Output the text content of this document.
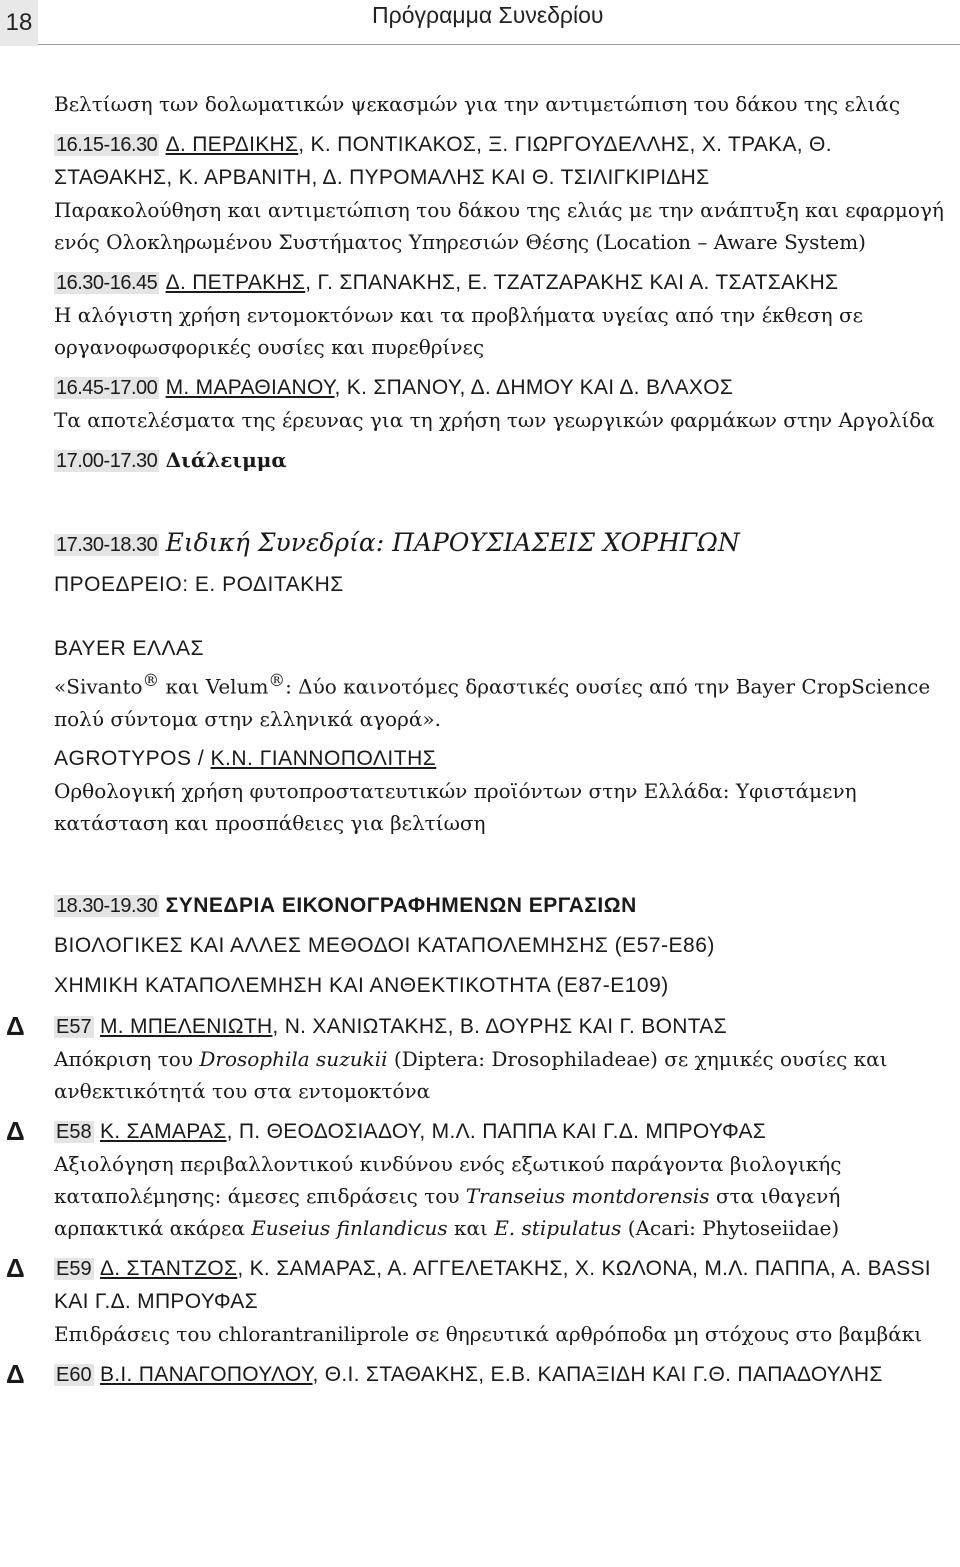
18	Πρόγραμμα Συνεδρίου

Βελτίωση των δολωματικών ψεκασμών για την αντιμετώπιση του δάκου της ελιάς

16.15-16.30 Δ. ΠΕΡΔΙΚΗΣ, Κ. ΠΟΝΤΙΚΑΚΟΣ, Ξ. ΓΙΩΡΓΟΥΔΕΛΛΗΣ, Χ. ΤΡΑΚΑ, Θ. ΣΤΑΘΑΚΗΣ, Κ. ΑΡΒΑΝΙΤΗ, Δ. ΠΥΡΟΜΑΛΗΣ ΚΑΙ Θ. ΤΣΙΛΙΓΚΙΡΙΔΗΣ

Παρακολούθηση και αντιμετώπιση του δάκου της ελιάς με την ανάπτυξη και εφαρμογή ενός Ολοκληρωμένου Συστήματος Υπηρεσιών Θέσης (Location – Aware System)

16.30-16.45 Δ. ΠΕΤΡΑΚΗΣ, Γ. ΣΠΑΝΑΚΗΣ, Ε. ΤΖΑΤΖΑΡΑΚΗΣ ΚΑΙ Α. ΤΣΑΤΣΑΚΗΣ

Η αλόγιστη χρήση εντομοκτόνων και τα προβλήματα υγείας από την έκθεση σε οργανοφωσφορικές ουσίες και πυρεθρίνες

16.45-17.00 Μ. ΜΑΡΑΘΙΑΝΟΥ, Κ. ΣΠΑΝΟΥ, Δ. ΔΗΜΟΥ ΚΑΙ Δ. ΒΛΑΧΟΣ

Τα αποτελέσματα της έρευνας για τη χρήση των γεωργικών φαρμάκων στην Αργολίδα

17.00-17.30 Διάλειμμα

17.30-18.30 Ειδική Συνεδρία: ΠΑΡΟΥΣΙΑΣΕΙΣ ΧΟΡΗΓΩΝ

ΠΡΟΕΔΡΕΙΟ: Ε. ΡΟΔΙΤΑΚΗΣ

BAYER ΕΛΛΑΣ

«Sivanto® και Velum®: Δύο καινοτόμες δραστικές ουσίες από την Bayer CropScience πολύ σύντομα στην ελληνικά αγορά».

AGROTYPOS / Κ.Ν. ΓΙΑΝΝΟΠΟΛΙΤΗΣ

Ορθολογική χρήση φυτοπροστατευτικών προϊόντων στην Ελλάδα: Υφιστάμενη κατάσταση και προσπάθειες για βελτίωση

18.30-19.30 ΣΥΝΕΔΡΙΑ ΕΙΚΟΝΟΓΡΑΦΗΜΕΝΩΝ ΕΡΓΑΣΙΩΝ

ΒΙΟΛΟΓΙΚΕΣ ΚΑΙ ΑΛΛΕΣ ΜΕΘΟΔΟΙ ΚΑΤΑΠΟΛΕΜΗΣΗΣ (Ε57-Ε86)

ΧΗΜΙΚΗ ΚΑΤΑΠΟΛΕΜΗΣΗ ΚΑΙ ΑΝΘΕΚΤΙΚΟΤΗΤΑ (Ε87-Ε109)

Δ Ε57 Μ. ΜΠΕΛΕΝΙΩΤΗ, Ν. ΧΑΝΙΩΤΑΚΗΣ, Β. ΔΟΥΡΗΣ ΚΑΙ Γ. ΒΟΝΤΑΣ

Απόκριση του Drosophila suzukii (Diptera: Drosophiladeae) σε χημικές ουσίες και ανθεκτικότητά του στα εντομοκτόνα

Δ Ε58 Κ. ΣΑΜΑΡΑΣ, Π. ΘΕΟΔΟΣΙΑΔΟΥ, Μ.Λ. ΠΑΠΠΑ ΚΑΙ Γ.Δ. ΜΠΡΟΥΦΑΣ

Αξιολόγηση περιβαλλοντικού κινδύνου ενός εξωτικού παράγοντα βιολογικής καταπολέμησης: άμεσες επιδράσεις του Transeius montdorensis στα ιθαγενή αρπακτικά ακάρεα Euseius finlandicus και E. stipulatus (Acari: Phytoseiidae)

Δ Ε59 Δ. ΣΤΑΝΤΖΟΣ, Κ. ΣΑΜΑΡΑΣ, Α. ΑΓΓΕΛΕΤΑΚΗΣ, Χ. ΚΩΛΟΝΑ, Μ.Λ. ΠΑΠΠΑ, Α. BASSI ΚΑΙ Γ.Δ. ΜΠΡΟΥΦΑΣ

Επιδράσεις του chlorantraniliprole σε θηρευτικά αρθρόποδα μη στόχους στο βαμβάκι

Δ Ε60 Β.Ι. ΠΑΝΑΓΟΠΟΥΛΟΥ, Θ.Ι. ΣΤΑΘΑΚΗΣ, Ε.Β. ΚΑΠΑΞΙΔΗ ΚΑΙ Γ.Θ. ΠΑΠΑΔΟΥΛΗΣ
